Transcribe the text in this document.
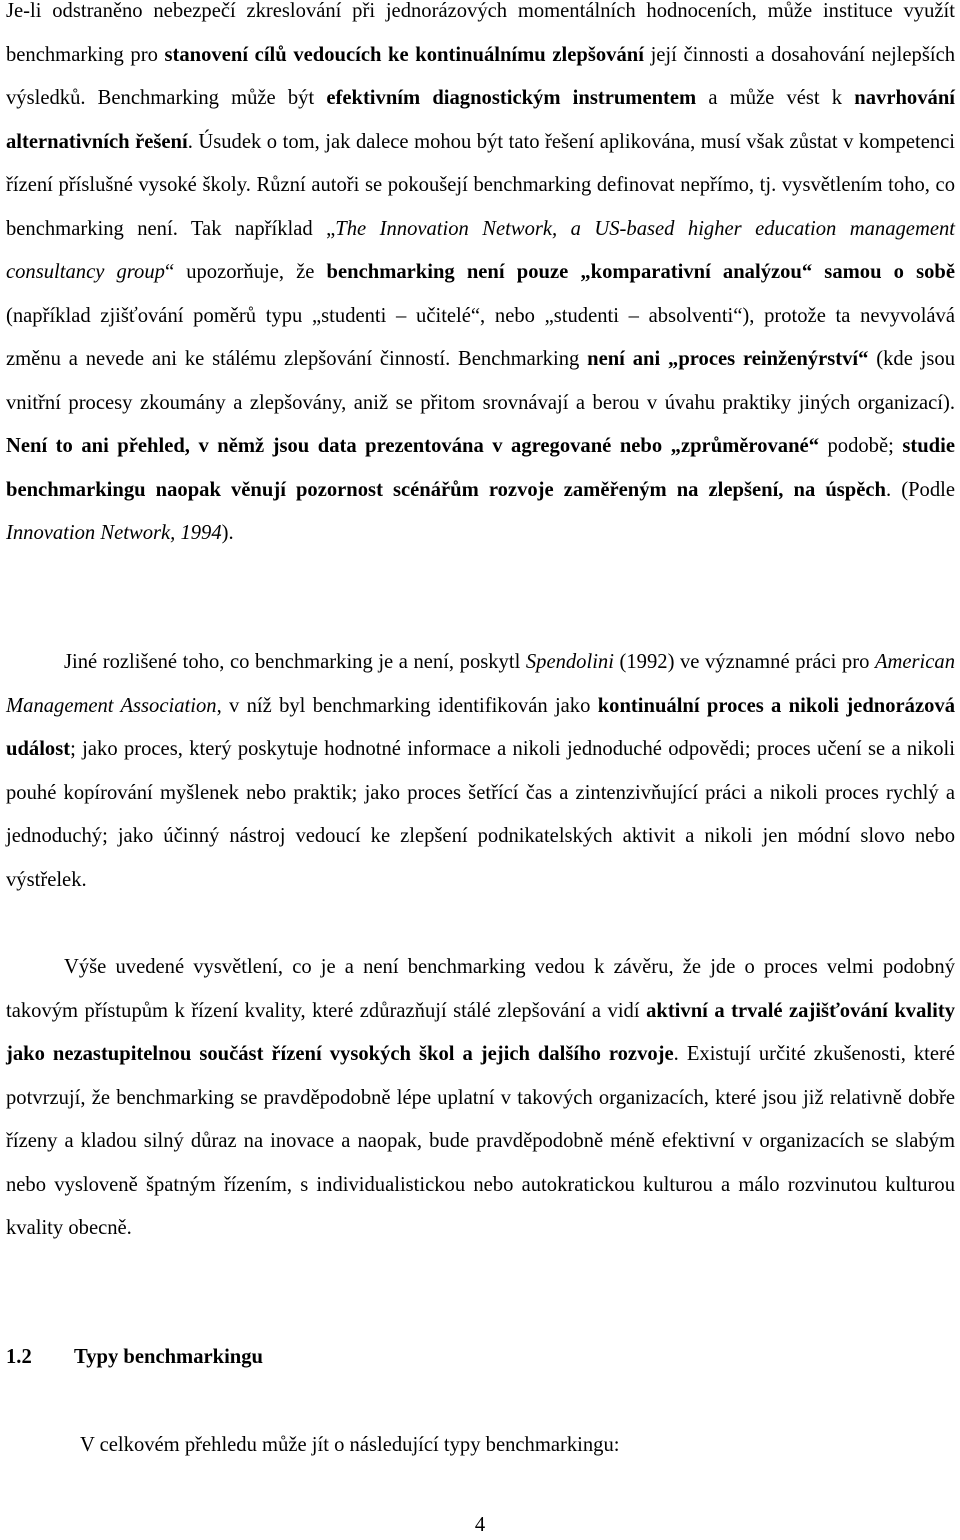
Je-li odstraněno nebezpečí zkreslování při jednorázových momentálních hodnoceních, může instituce využít benchmarking pro stanovení cílů vedoucích ke kontinuálnímu zlepšování její činnosti a dosahování nejlepších výsledků. Benchmarking může být efektivním diagnostickým instrumentem a může vést k navrhování alternativních řešení. Úsudek o tom, jak dalece mohou být tato řešení aplikována, musí však zůstat v kompetenci řízení příslušné vysoké školy. Různí autoři se pokoušejí benchmarking definovat nepřímo, tj. vysvětlením toho, co benchmarking není. Tak například „The Innovation Network, a US-based higher education management consultancy group“ upozorňuje, že benchmarking není pouze „komparativní analýzou“ samou o sobě (například zjišťování poměrů typu „studenti – učitelé“, nebo „studenti – absolventi“), protože ta nevyvolává změnu a nevede ani ke stálému zlepšování činností. Benchmarking není ani „proces reinženýrství“ (kde jsou vnitřní procesy zkoumány a zlepšovány, aniž se přitom srovnávají a berou v úvahu praktiky jiných organizací). Není to ani přehled, v němž jsou data prezentována v agregované nebo „zprůměrované“ podobě; studie benchmarkingu naopak věnují pozornost scénářům rozvoje zaměřeným na zlepšení, na úspěch. (Podle Innovation Network, 1994).

Jiné rozlišené toho, co benchmarking je a není, poskytl Spendolini (1992) ve významné práci pro American Management Association, v níž byl benchmarking identifikován jako kontinuální proces a nikoli jednorázová událost; jako proces, který poskytuje hodnotné informace a nikoli jednoduché odpovědi; proces učení se a nikoli pouhé kopírování myšlenek nebo praktik; jako proces šetřící čas a zintenzivňující práci a nikoli proces rychlý a jednoduchý; jako účinný nástroj vedoucí ke zlepšení podnikatelských aktivit a nikoli jen módní slovo nebo výstřelek.

Výše uvedené vysvětlení, co je a není benchmarking vedou k závěru, že jde o proces velmi podobný takovým přístupům k řízení kvality, které zdůrazňují stálé zlepšování a vidí aktivní a trvalé zajišťování kvality jako nezastupitelnou součást řízení vysokých škol a jejich dalšího rozvoje. Existují určité zkušenosti, které potvrzují, že benchmarking se pravděpodobně lépe uplatní v takových organizacích, které jsou již relativně dobře řízeny a kladou silný důraz na inovace a naopak, bude pravděpodobně méně efektivní v organizacích se slabým nebo vysloveně špatným řízením, s individualistickou nebo autokratickou kulturou a málo rozvinutou kulturou kvality obecně.

1.2 Typy benchmarkingu

V celkovém přehledu může jít o následující typy benchmarkingu:

4
